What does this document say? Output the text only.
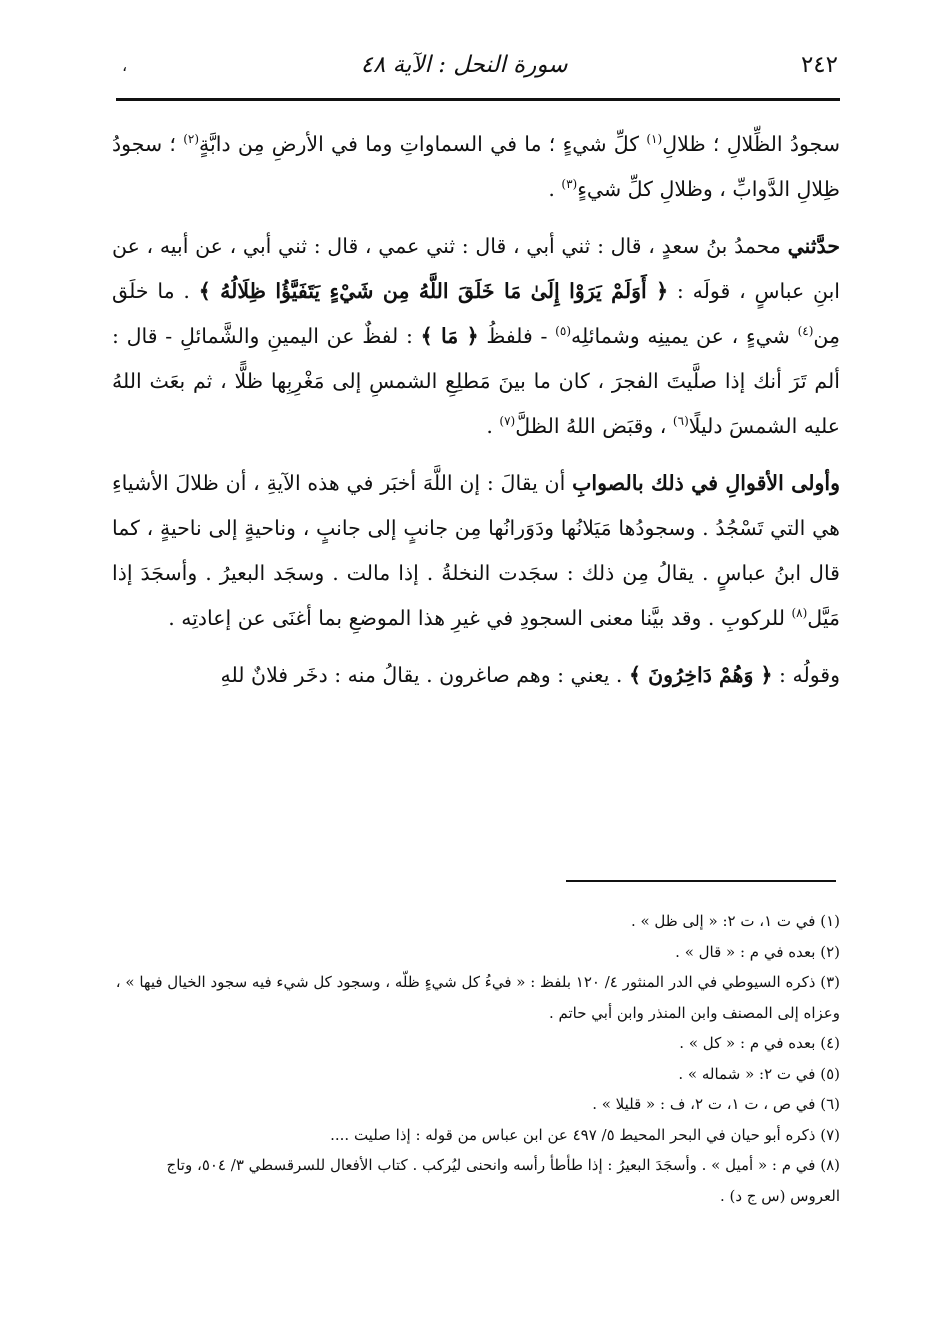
٢٤٢
سورة النحل : الآية ٤٨
،

سجودُ الظِّلالِ ؛ ظلالِ$^{(١)}$ كلِّ شيءٍ ؛ ما في السماواتِ وما في الأرضِ مِن دابَّةٍ$^{(٢)}$ ؛ سجودُ ظِلالِ الدَّوابِّ ، وظلالِ كلِّ شيءٍ$^{(٣)}$ .

حدَّثني محمدُ بنُ سعدٍ ، قال : ثني أبي ، قال : ثني عمي ، قال : ثني أبي ، عن أبيه ، عن ابنِ عباسٍ ، قولَه : ﴿ أَوَلَمْ يَرَوْا إِلَىٰ مَا خَلَقَ اللَّهُ مِن شَيْءٍ يَتَفَيَّؤُا ظِلَالُهُ ﴾ . ما خلَق مِن$^{(٤)}$ شيءٍ ، عن يمينِه وشمائلِه$^{(٥)}$ - فلفظُ ﴿ مَا ﴾ : لفظٌ عن اليمينِ والشَّمائلِ - قال : ألم تَرَ أنك إذا صلَّيتَ الفجرَ ، كان ما بينَ مَطلِعِ الشمسِ إلى مَغْرِبِها ظلًّا ، ثم بعَث اللهُ عليه الشمسَ دليلًا$^{(٦)}$ ، وقبَض اللهُ الظلَّ$^{(٧)}$ .

وأولى الأقوالِ في ذلك بالصوابِ أن يقالَ : إن اللَّهَ أخبَر في هذه الآيةِ ، أن ظلالَ الأشياءِ هي التي تَسْجُدُ . وسجودُها مَيَلانُها ودَوَرانُها مِن جانبٍ إلى جانبٍ ، وناحيةٍ إلى ناحيةٍ ، كما قال ابنُ عباسٍ . يقالُ مِن ذلك : سجَدت النخلةُ . إذا مالت . وسجَد البعيرُ . وأسجَدَ إذا مَيَّل$^{(٨)}$ للركوبِ . وقد بيَّنا معنى السجودِ في غيرِ هذا الموضعِ بما أغنَى عن إعادتِه .

وقولُه : ﴿ وَهُمْ دَاخِرُونَ ﴾ . يعني : وهم صاغرون . يقالُ منه : دخَر فلانٌ للهِ

(١) في ت ١، ت ٢: « إلى ظل » .

(٢) بعده في م : « قال » .

(٣) ذكره السيوطي في الدر المنثور ٤/ ١٢٠ بلفظ : « فيءُ كل شيءٍ ظلّه ، وسجود كل شيء فيه سجود الخيال فيها » ، وعزاه إلى المصنف وابن المنذر وابن أبي حاتم .

(٤) بعده في م : « كل » .

(٥) في ت ٢: « شماله » .

(٦) في ص ، ت ١، ت ٢، ف : « قليلا » .

(٧) ذكره أبو حيان في البحر المحيط ٥/ ٤٩٧ عن ابن عباس من قوله : إذا صليت ....

(٨) في م : « أميل » . وأسجَدَ البعيرُ : إذا طأطأ رأسه وانحنى ليُركب . كتاب الأفعال للسرقسطي ٣/ ٥٠٤، وتاج العروس (س ج د) .
